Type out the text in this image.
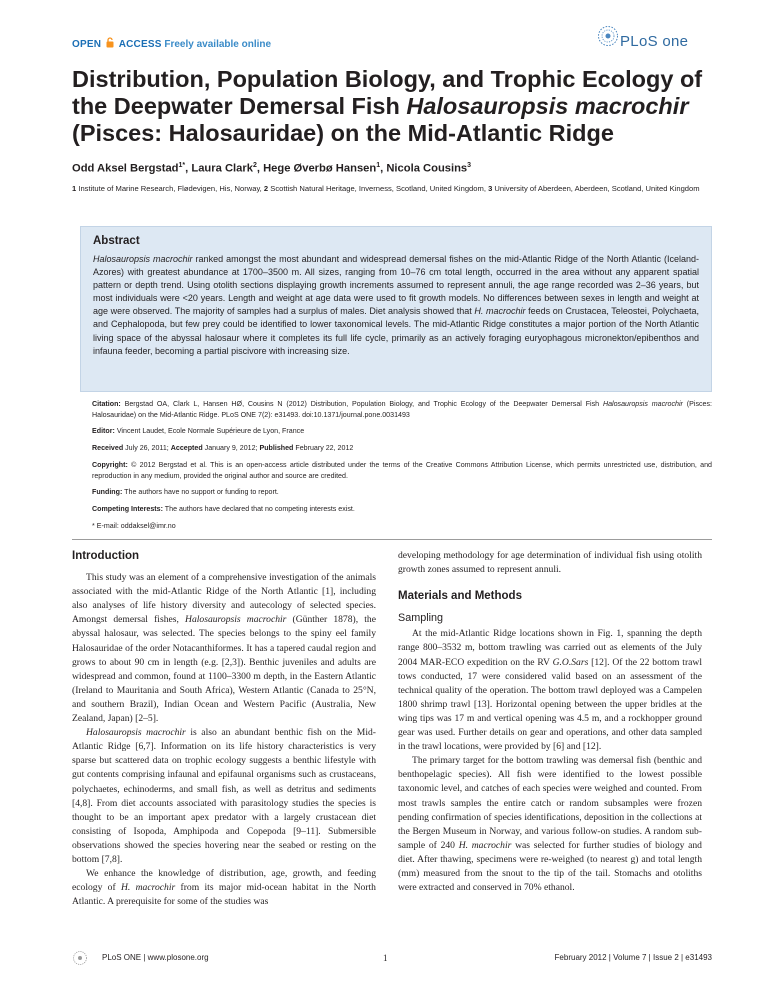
OPEN ACCESS Freely available online	PLoS one
Distribution, Population Biology, and Trophic Ecology of the Deepwater Demersal Fish Halosauropsis macrochir (Pisces: Halosauridae) on the Mid-Atlantic Ridge
Odd Aksel Bergstad$^{1*}$, Laura Clark$^2$, Hege Øverbø Hansen$^1$, Nicola Cousins$^3$
1 Institute of Marine Research, Flødevigen, His, Norway, 2 Scottish Natural Heritage, Inverness, Scotland, United Kingdom, 3 University of Aberdeen, Aberdeen, Scotland, United Kingdom
Abstract

Halosauropsis macrochir ranked amongst the most abundant and widespread demersal fishes on the mid-Atlantic Ridge of the North Atlantic (Iceland-Azores) with greatest abundance at 1700–3500 m. All sizes, ranging from 10–76 cm total length, occurred in the area without any apparent spatial pattern or depth trend. Using otolith sections displaying growth increments assumed to represent annuli, the age range recorded was 2–36 years, but most individuals were <20 years. Length and weight at age data were used to fit growth models. No differences between sexes in length and weight at age were observed. The majority of samples had a surplus of males. Diet analysis showed that H. macrochir feeds on Crustacea, Teleostei, Polychaeta, and Cephalopoda, but few prey could be identified to lower taxonomical levels. The mid-Atlantic Ridge constitutes a major portion of the North Atlantic living space of the abyssal halosaur where it completes its full life cycle, primarily as an actively foraging euryophagous micronekton/epibenthos and infauna feeder, becoming a partial piscivore with increasing size.

Citation: Bergstad OA, Clark L, Hansen HØ, Cousins N (2012) Distribution, Population Biology, and Trophic Ecology of the Deepwater Demersal Fish Halosauropsis macrochir (Pisces: Halosauridae) on the Mid-Atlantic Ridge. PLoS ONE 7(2): e31493. doi:10.1371/journal.pone.0031493

Editor: Vincent Laudet, Ecole Normale Supérieure de Lyon, France

Received July 26, 2011; Accepted January 9, 2012; Published February 22, 2012

Copyright: © 2012 Bergstad et al. This is an open-access article distributed under the terms of the Creative Commons Attribution License, which permits unrestricted use, distribution, and reproduction in any medium, provided the original author and source are credited.

Funding: The authors have no support or funding to report.

Competing Interests: The authors have declared that no competing interests exist.

* E-mail: oddaksel@imr.no

Introduction

This study was an element of a comprehensive investigation of the animals associated with the mid-Atlantic Ridge of the North Atlantic [1], including also analyses of life history diversity and autecology of selected species. Amongst demersal fishes, Halosauropsis macrochir (Günther 1878), the abyssal halosaur, was selected. The species belongs to the spiny eel family Halosauridae of the order Notacanthiformes. It has a tapered caudal region and grows to about 90 cm in length (e.g. [2,3]). Benthic juveniles and adults are widespread and common, found at 1100–3300 m depth, in the Eastern Atlantic (Ireland to Mauritania and South Africa), Western Atlantic (Canada to 25°N, and southern Brazil), Indian Ocean and Western Pacific (Australia, New Zealand, Japan) [2–5].

Halosauropsis macrochir is also an abundant benthic fish on the Mid-Atlantic Ridge [6,7]. Information on its life history characteristics is very sparse but scattered data on trophic ecology suggests a benthic lifestyle with gut contents comprising infaunal and epifaunal organisms such as crustaceans, polychaetes, echinoderms, and small fish, as well as detritus and sediments [4,8]. From diet accounts associated with parasitology studies the species is thought to be an important apex predator with a largely crustacean diet consisting of Isopoda, Amphipoda and Copepoda [9–11]. Submersible observations showed the species hovering near the seabed or resting on the bottom [7,8].

We enhance the knowledge of distribution, age, growth, and feeding ecology of H. macrochir from its major mid-ocean habitat in the North Atlantic. A prerequisite for some of the studies was

developing methodology for age determination of individual fish using otolith growth zones assumed to represent annuli.

Materials and Methods
Sampling

At the mid-Atlantic Ridge locations shown in Fig. 1, spanning the depth range 800–3532 m, bottom trawling was carried out as elements of the July 2004 MAR-ECO expedition on the RV G.O.Sars [12]. Of the 22 bottom trawl tows conducted, 17 were considered valid based on an assessment of the technical quality of the operation. The bottom trawl deployed was a Campelen 1800 shrimp trawl [13]. Horizontal opening between the upper bridles at the wing tips was 17 m and vertical opening was 4.5 m, and a rockhopper ground gear was used. Further details on gear and operations, and other data sampled in the trawl locations, were provided by [6] and [12].

The primary target for the bottom trawling was demersal fish (benthic and benthopelagic species). All fish were identified to the lowest possible taxonomic level, and catches of each species were weighed and counted. From most trawls samples the entire catch or random subsamples were frozen pending confirmation of species identifications, deposition in the collections at the Bergen Museum in Norway, and various follow-on studies. A random sub-sample of 240 H. macrochir was selected for further studies of biology and diet. After thawing, specimens were re-weighed (to nearest g) and total length (mm) measured from the snout to the tip of the tail. Stomachs and otoliths were extracted and conserved in 70% ethanol.

PLoS ONE | www.plosone.org	1	February 2012 | Volume 7 | Issue 2 | e31493
